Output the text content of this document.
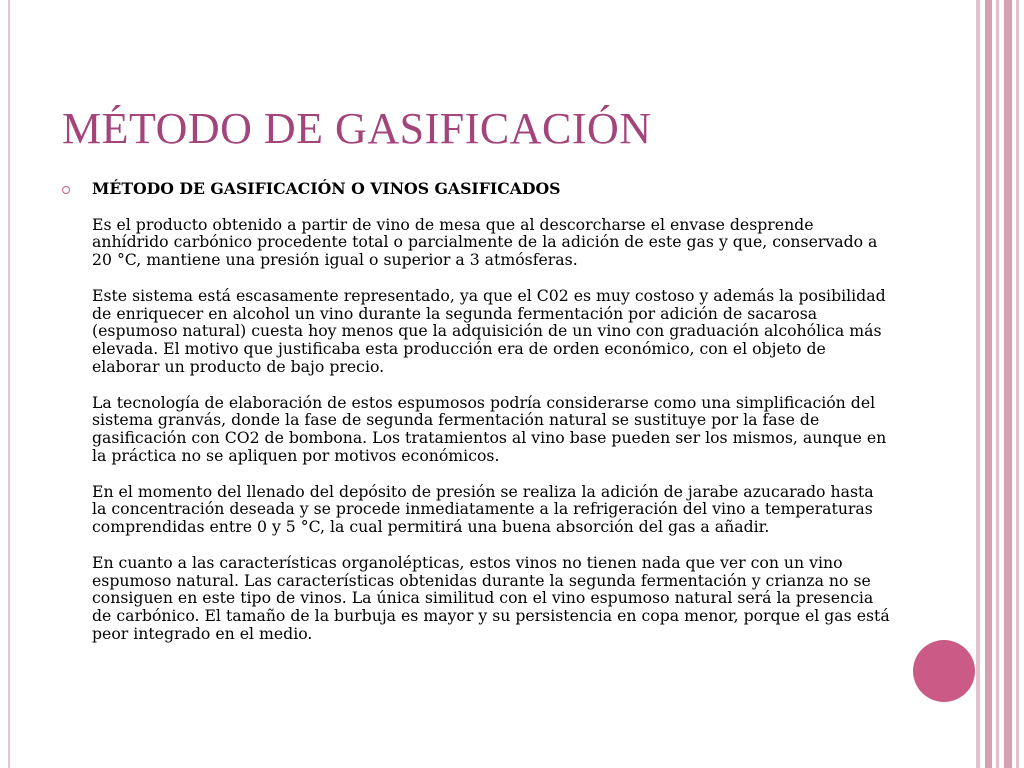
MÉTODO DE GASIFICACIÓN

MÉTODO DE GASIFICACIÓN O VINOS GASIFICADOS

Es el producto obtenido a partir de vino de mesa que al descorcharse el envase desprende anhídrido carbónico procedente total o parcialmente de la adición de este gas y que, conservado a 20 °C, mantiene una presión igual o superior a 3 atmósferas.

Este sistema está escasamente representado, ya que el C02 es muy costoso y además la posibilidad de enriquecer en alcohol un vino durante la segunda fermentación por adición de sacarosa (espumoso natural) cuesta hoy menos que la adquisición de un vino con graduación alcohólica más elevada. El motivo que justificaba esta producción era de orden económico, con el objeto de elaborar un producto de bajo precio.

La tecnología de elaboración de estos espumosos podría considerarse como una simplificación del sistema granvás, donde la fase de segunda fermentación natural se sustituye por la fase de gasificación con CO2 de bombona. Los tratamientos al vino base pueden ser los mismos, aunque en la práctica no se apliquen por motivos económicos.

En el momento del llenado del depósito de presión se realiza la adición de jarabe azucarado hasta la concentración deseada y se procede inmediatamente a la refrigeración del vino a temperaturas comprendidas entre 0 y 5 °C, la cual permitirá una buena absorción del gas a añadir.

En cuanto a las características organolépticas, estos vinos no tienen nada que ver con un vino espumoso natural. Las características obtenidas durante la segunda fermentación y crianza no se consiguen en este tipo de vinos. La única similitud con el vino espumoso natural será la presencia de carbónico. El tamaño de la burbuja es mayor y su persistencia en copa menor, porque el gas está peor integrado en el medio.
